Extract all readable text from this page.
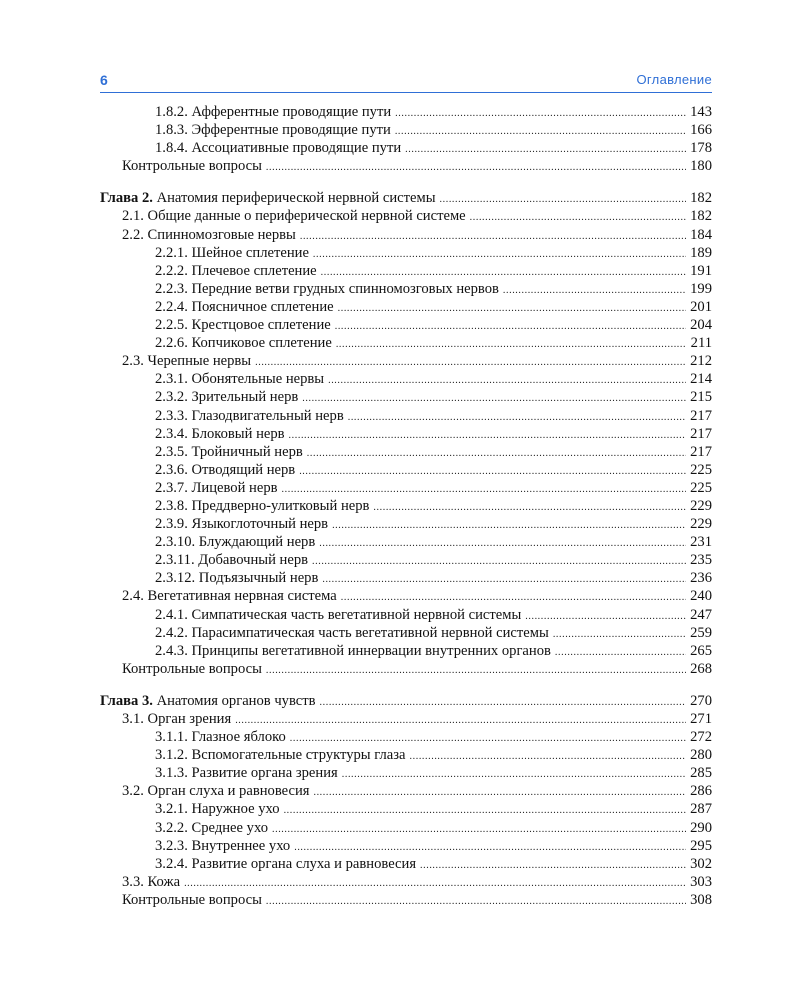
6	Оглавление
1.8.2. Афферентные проводящие пути .....	143
1.8.3. Эфферентные проводящие пути .....	166
1.8.4. Ассоциативные проводящие пути .....	178
Контрольные вопросы .....	180
Глава 2. Анатомия периферической нервной системы .....	182
2.1. Общие данные о периферической нервной системе .....	182
2.2. Спинномозговые нервы .....	184
2.2.1. Шейное сплетение .....	189
2.2.2. Плечевое сплетение .....	191
2.2.3. Передние ветви грудных спинномозговых нервов .....	199
2.2.4. Поясничное сплетение .....	201
2.2.5. Крестцовое сплетение .....	204
2.2.6. Копчиковое сплетение .....	211
2.3. Черепные нервы .....	212
2.3.1. Обонятельные нервы .....	214
2.3.2. Зрительный нерв .....	215
2.3.3. Глазодвигательный нерв .....	217
2.3.4. Блоковый нерв .....	217
2.3.5. Тройничный нерв .....	217
2.3.6. Отводящий нерв .....	225
2.3.7. Лицевой нерв .....	225
2.3.8. Преддверно-улитковый нерв .....	229
2.3.9. Языкоглоточный нерв .....	229
2.3.10. Блуждающий нерв .....	231
2.3.11. Добавочный нерв .....	235
2.3.12. Подъязычный нерв .....	236
2.4. Вегетативная нервная система .....	240
2.4.1. Симпатическая часть вегетативной нервной системы .....	247
2.4.2. Парасимпатическая часть вегетативной нервной системы .....	259
2.4.3. Принципы вегетативной иннервации внутренних органов .....	265
Контрольные вопросы .....	268
Глава 3. Анатомия органов чувств .....	270
3.1. Орган зрения .....	271
3.1.1. Глазное яблоко .....	272
3.1.2. Вспомогательные структуры глаза .....	280
3.1.3. Развитие органа зрения .....	285
3.2. Орган слуха и равновесия .....	286
3.2.1. Наружное ухо .....	287
3.2.2. Среднее ухо .....	290
3.2.3. Внутреннее ухо .....	295
3.2.4. Развитие органа слуха и равновесия .....	302
3.3. Кожа .....	303
Контрольные вопросы .....	308
